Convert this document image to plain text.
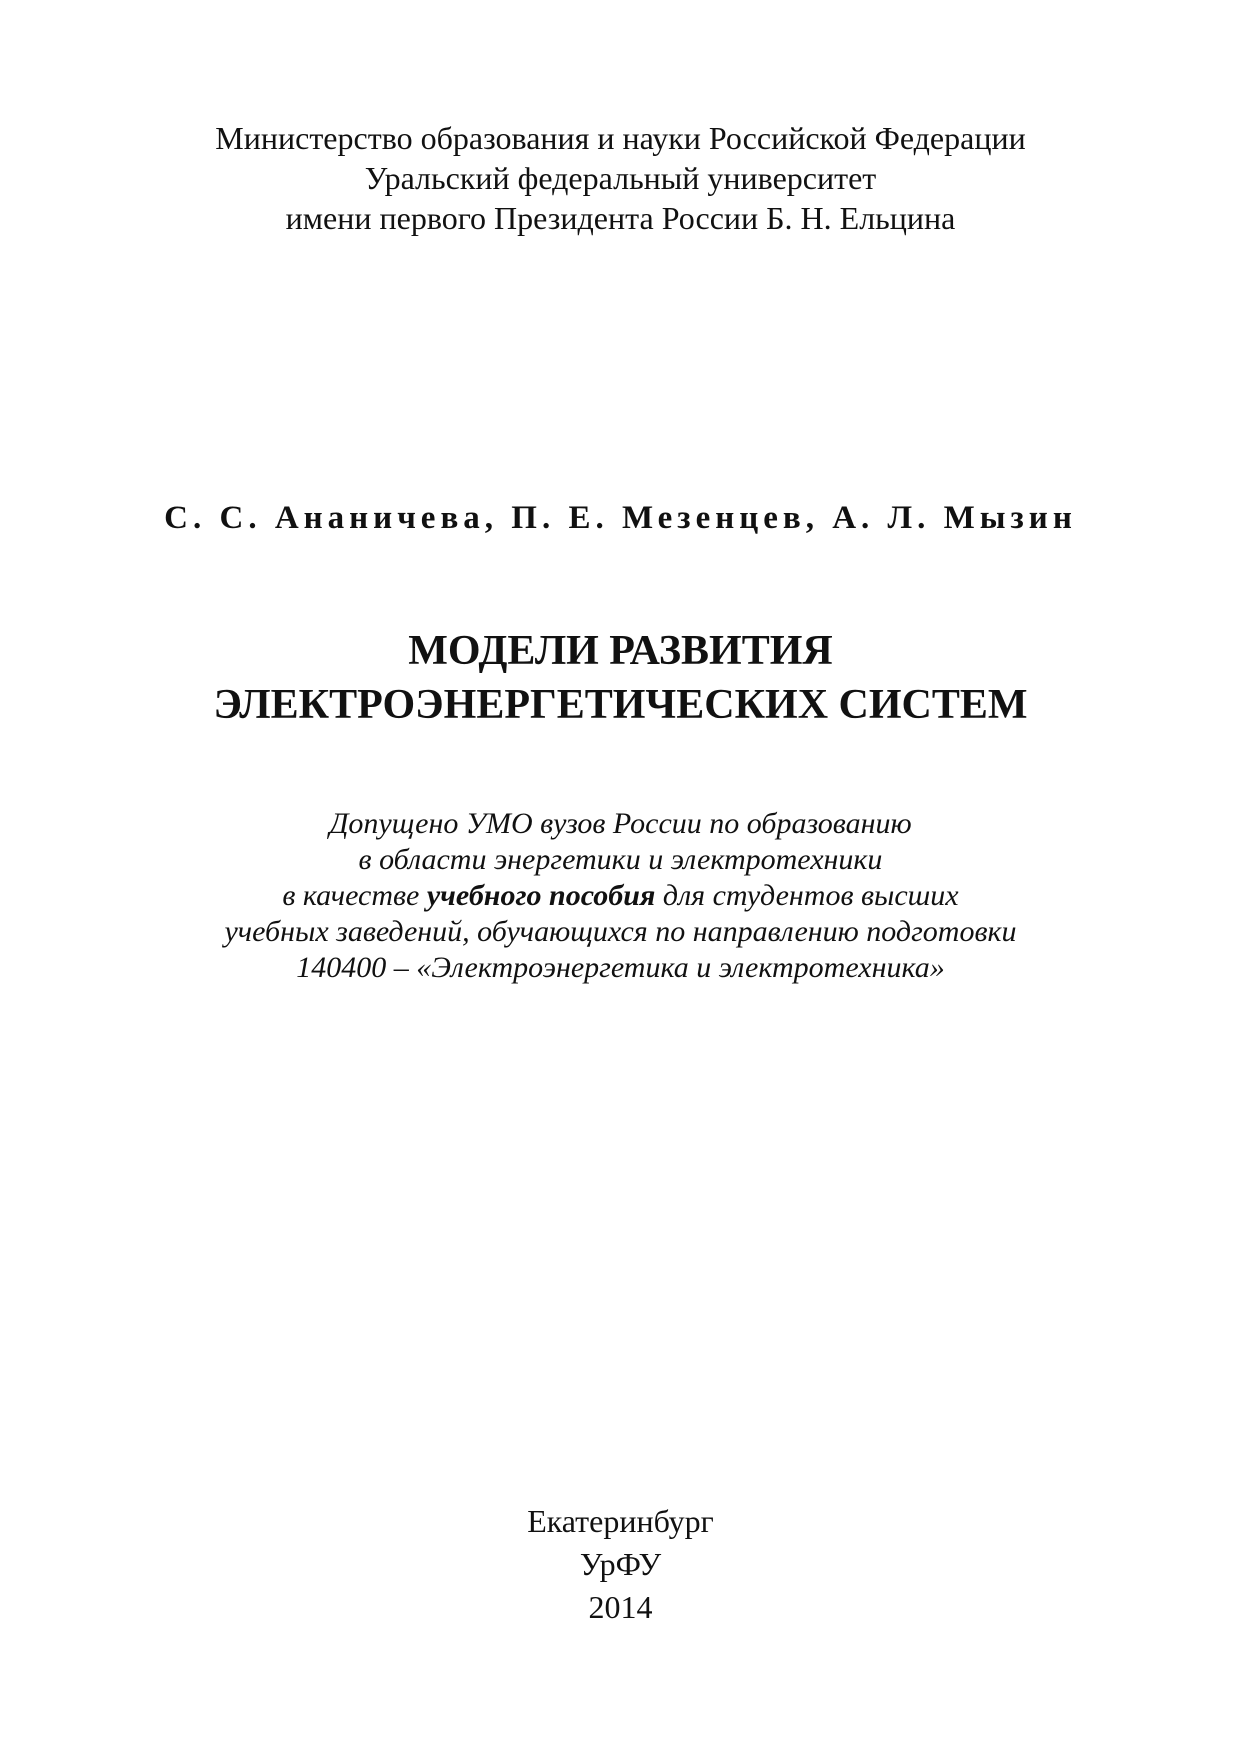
Министерство образования и науки Российской Федерации
Уральский федеральный университет
имени первого Президента России Б. Н. Ельцина
С. С. Ананичева, П. Е. Мезенцев, А. Л. Мызин
МОДЕЛИ РАЗВИТИЯ
ЭЛЕКТРОЭНЕРГЕТИЧЕСКИХ СИСТЕМ
Допущено УМО вузов России по образованию
в области энергетики и электротехники
в качестве учебного пособия для студентов высших
учебных заведений, обучающихся по направлению подготовки
140400 – «Электроэнергетика и электротехника»
Екатеринбург
УрФУ
2014
